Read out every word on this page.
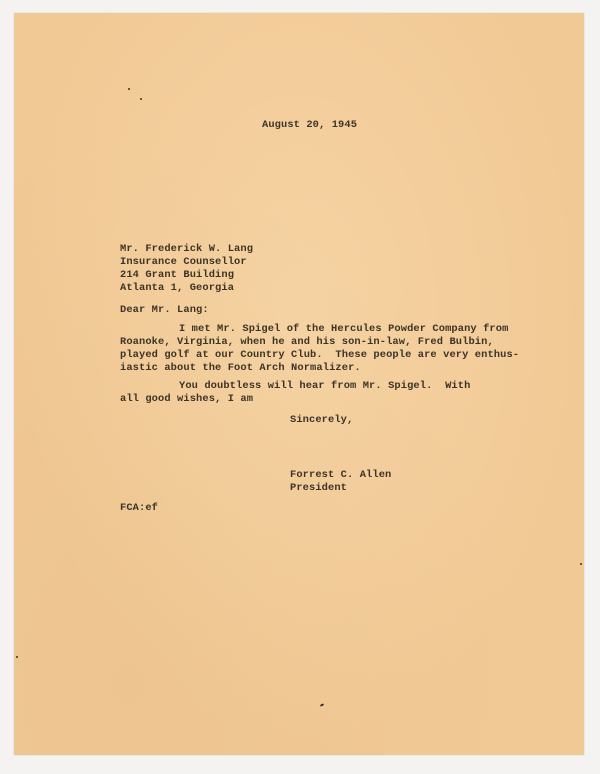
August 20, 1945

Mr. Frederick W. Lang

Insurance Counsellor

214 Grant Building

Atlanta 1, Georgia

Dear Mr. Lang:

I met Mr. Spigel of the Hercules Powder Company from

Roanoke, Virginia, when he and his son-in-law, Fred Bulbin,

played golf at our Country Club.  These people are very enthus-

iastic about the Foot Arch Normalizer.

You doubtless will hear from Mr. Spigel.  With

all good wishes, I am

Sincerely,

Forrest C. Allen

President

FCA:ef
